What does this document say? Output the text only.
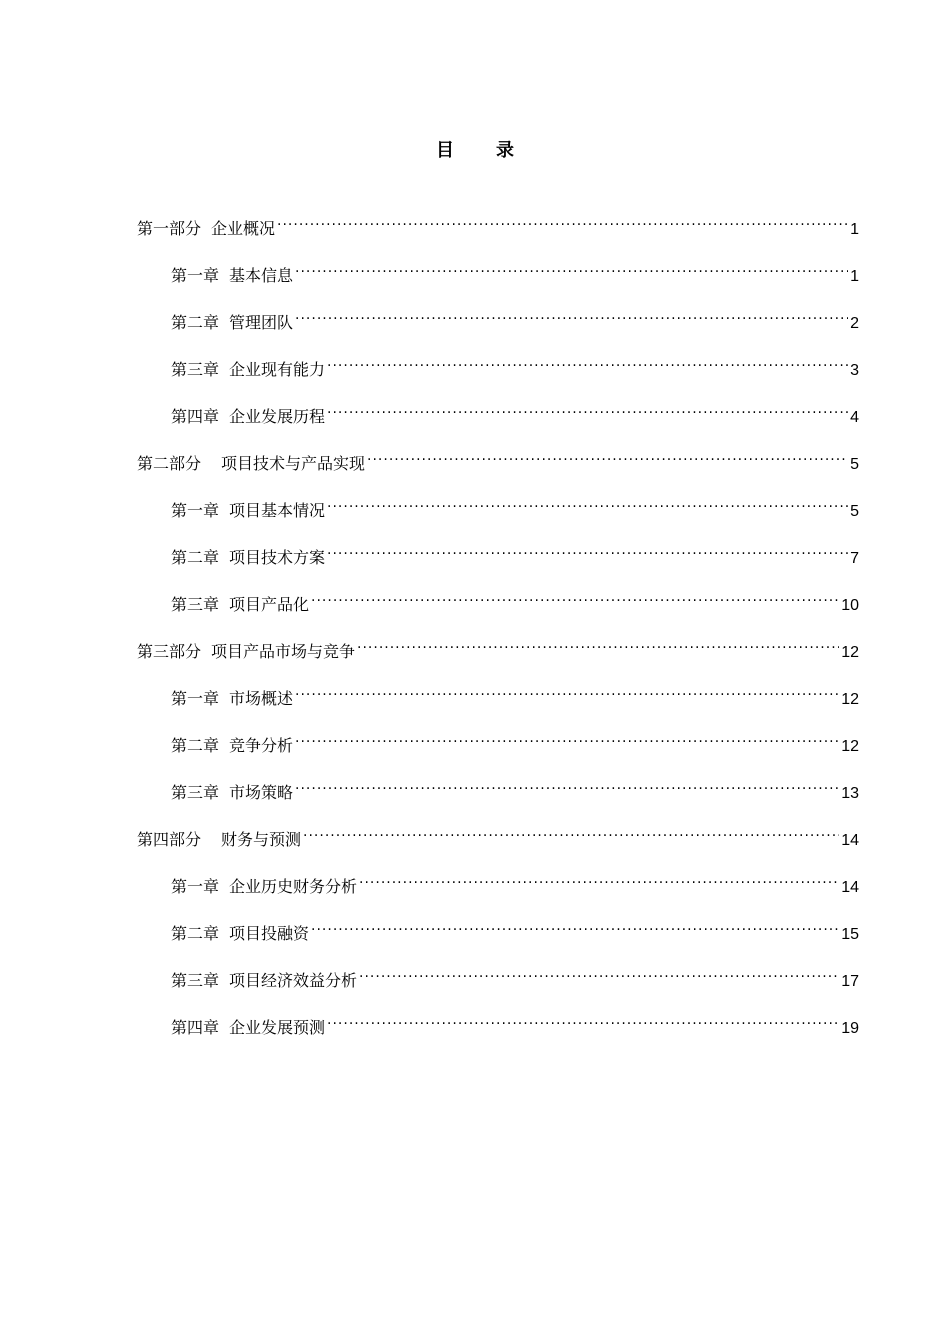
目 录
第一部分 企业概况 .....	1
第一章 基本信息 .....	1
第二章 管理团队 .....	2
第三章 企业现有能力 .....	3
第四章 企业发展历程 .....	4
第二部分 项目技术与产品实现 .....	5
第一章 项目基本情况 .....	5
第二章 项目技术方案 .....	7
第三章 项目产品化 .....	10
第三部分 项目产品市场与竞争 .....	12
第一章 市场概述 .....	12
第二章 竞争分析 .....	12
第三章 市场策略 .....	13
第四部分 财务与预测 .....	14
第一章 企业历史财务分析 .....	14
第二章 项目投融资 .....	15
第三章 项目经济效益分析 .....	17
第四章 企业发展预测 .....	19
